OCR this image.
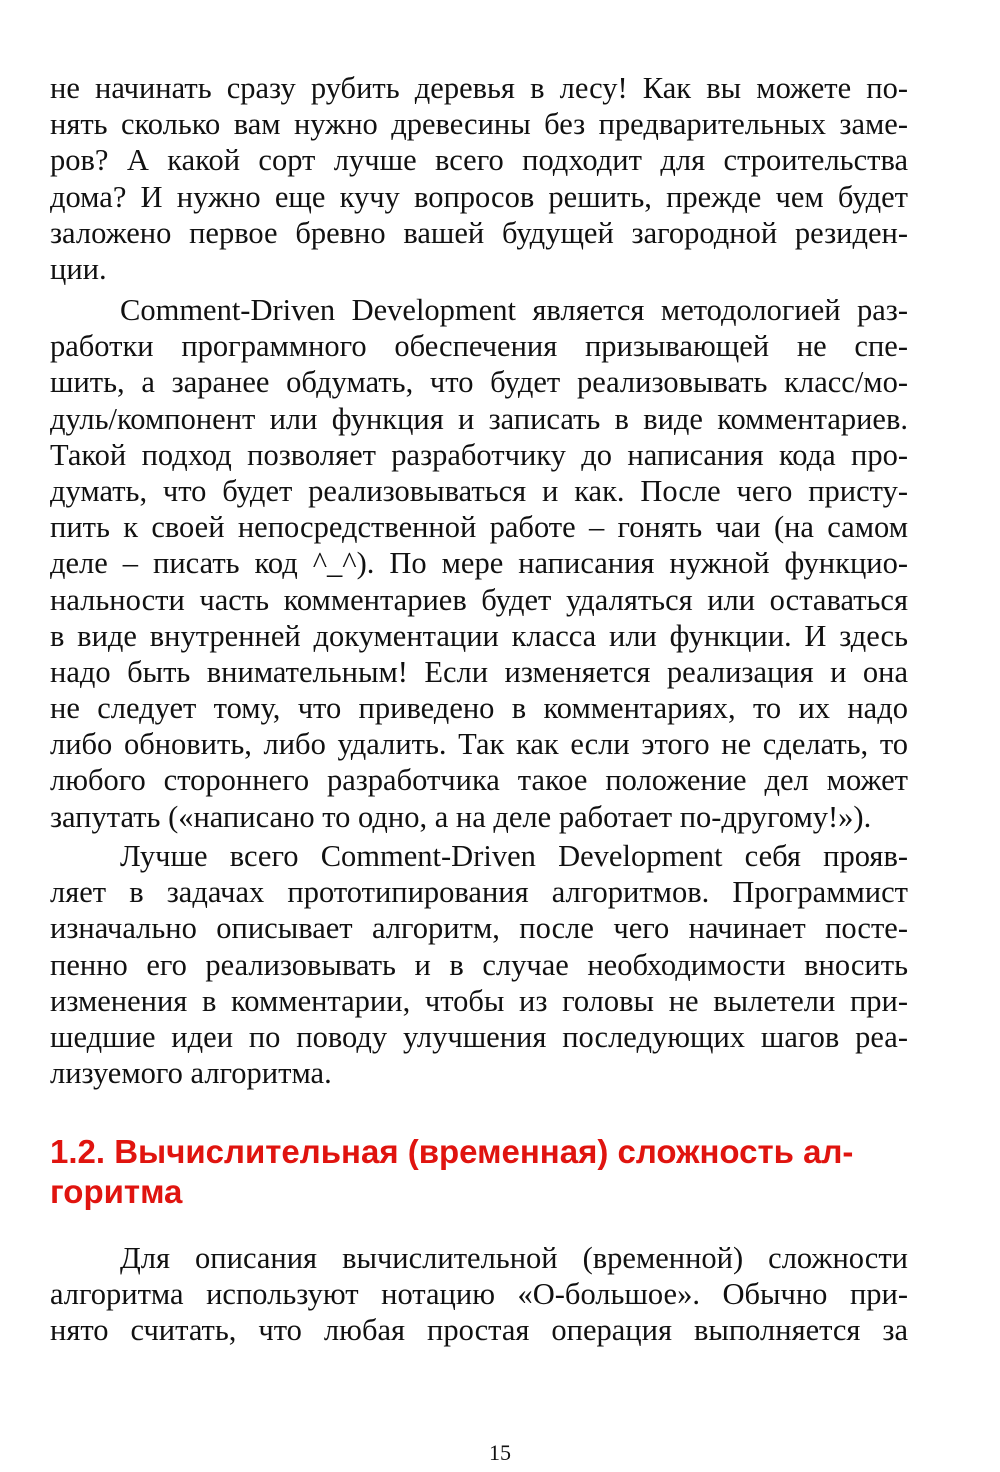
не начинать сразу рубить деревья в лесу! Как вы можете по-
нять сколько вам нужно древесины без предварительных заме-
ров? А какой сорт лучше всего подходит для строительства
дома? И нужно еще кучу вопросов решить, прежде чем будет
заложено первое бревно вашей будущей загородной резиден-
ции.
Comment-Driven Development является методологией раз-
работки программного обеспечения призывающей не спе-
шить, а заранее обдумать, что будет реализовывать класс/мо-
дуль/компонент или функция и записать в виде комментариев.
Такой подход позволяет разработчику до написания кода про-
думать, что будет реализовываться и как. После чего присту-
пить к своей непосредственной работе – гонять чаи (на самом
деле – писать код ^_^). По мере написания нужной функцио-
нальности часть комментариев будет удаляться или оставаться
в виде внутренней документации класса или функции. И здесь
надо быть внимательным! Если изменяется реализация и она
не следует тому, что приведено в комментариях, то их надо
либо обновить, либо удалить. Так как если этого не сделать, то
любого стороннего разработчика такое положение дел может
запутать («написано то одно, а на деле работает по-другому!»).
Лучше всего Comment-Driven Development себя прояв-
ляет в задачах прототипирования алгоритмов. Программист
изначально описывает алгоритм, после чего начинает посте-
пенно его реализовывать и в случае необходимости вносить
изменения в комментарии, чтобы из головы не вылетели при-
шедшие идеи по поводу улучшения последующих шагов реа-
лизуемого алгоритма.
1.2. Вычислительная (временная) сложность ал-
горитма
Для описания вычислительной (временной) сложности
алгоритма используют нотацию «O-большое». Обычно при-
нято считать, что любая простая операция выполняется за
15
